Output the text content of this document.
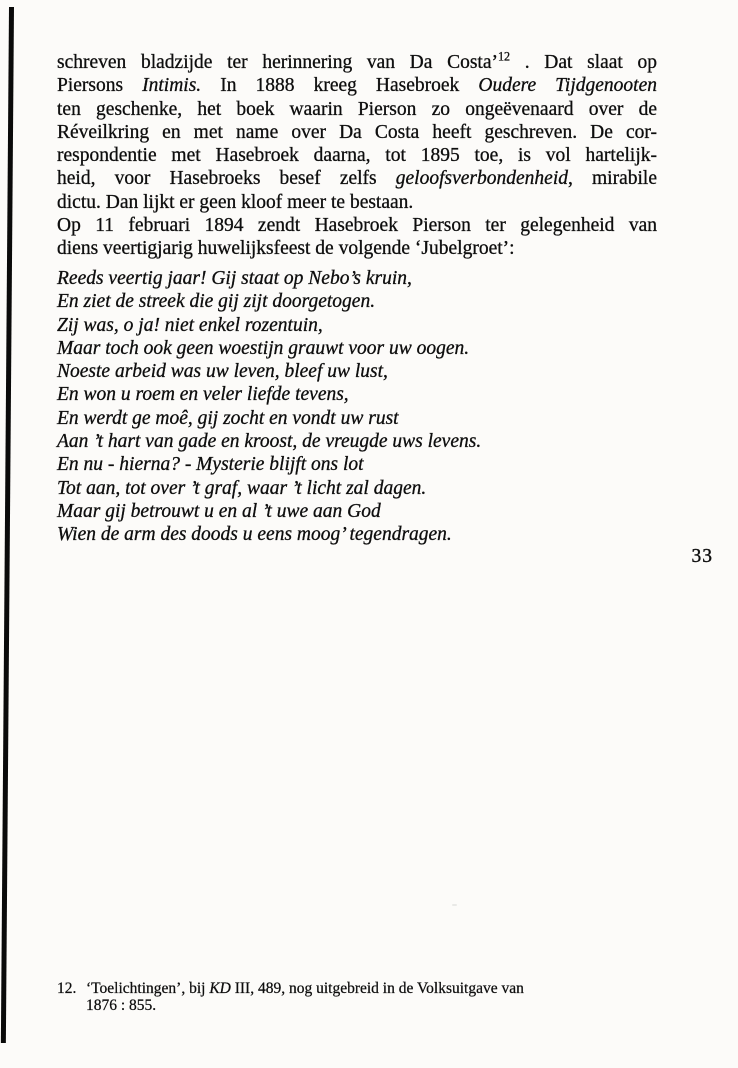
schreven bladzijde ter herinnering van Da Costa’$^{12}$ . Dat slaat op
Piersons Intimis. In 1888 kreeg Hasebroek Oudere Tijdgenooten
ten geschenke, het boek waarin Pierson zo ongeëvenaard over de
Réveilkring en met name over Da Costa heeft geschreven. De cor-
respondentie met Hasebroek daarna, tot 1895 toe, is vol hartelijk-
heid, voor Hasebroeks besef zelfs geloofsverbondenheid, mirabile
dictu. Dan lijkt er geen kloof meer te bestaan.
Op 11 februari 1894 zendt Hasebroek Pierson ter gelegenheid van
diens veertigjarig huwelijksfeest de volgende ‘Jubelgroet’:
Reeds veertig jaar! Gij staat op Nebo’s kruin,
En ziet de streek die gij zijt doorgetogen.
Zij was, o ja! niet enkel rozentuin,
Maar toch ook geen woestijn grauwt voor uw oogen.
Noeste arbeid was uw leven, bleef uw lust,
En won u roem en veler liefde tevens,
En werdt ge moê, gij zocht en vondt uw rust
Aan ’t hart van gade en kroost, de vreugde uws levens.
En nu - hierna? - Mysterie blijft ons lot
Tot aan, tot over ’t graf, waar ’t licht zal dagen.
Maar gij betrouwt u en al ’t uwe aan God
Wien de arm des doods u eens moog’ tegendragen.
33
12. ‘Toelichtingen’, bij KD III, 489, nog uitgebreid in de Volksuitgave van
1876 : 855.
